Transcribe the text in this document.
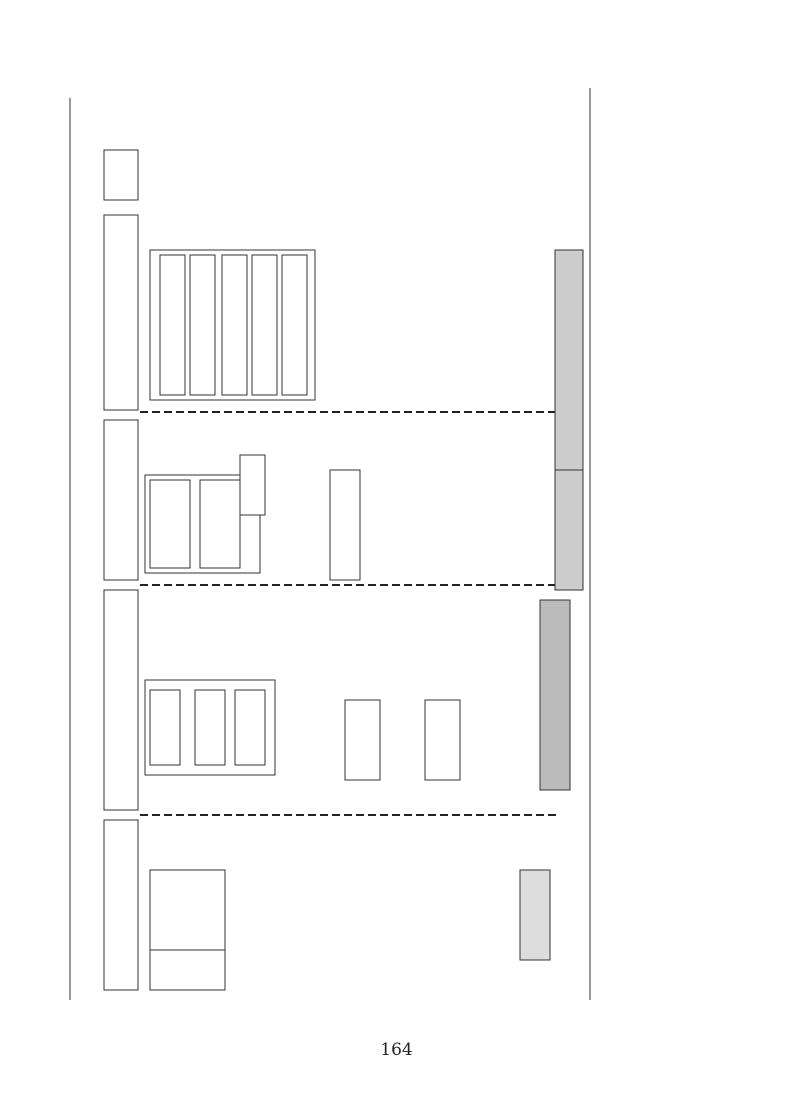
164
